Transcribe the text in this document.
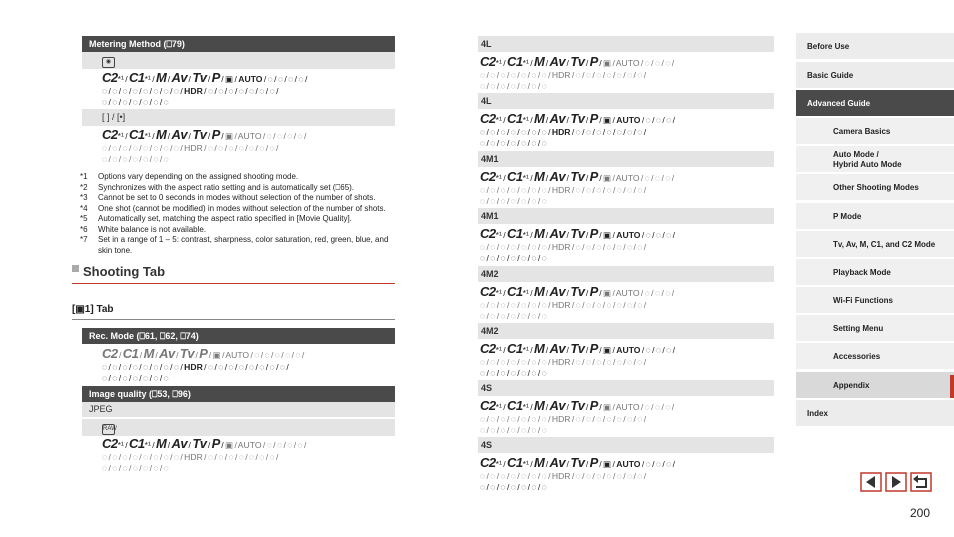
Metering Method (⎕79)
◉
C2*¹ / C1*¹ / M / Av / Tv / P / ▣ / AUTO / ◌ / ◌ / ◌ / ◌ /
◌ / ◌ / ◌ / ◌ / ◌ / ◌ / ◌ / ◌ / HDR / ◌ / ◌ / ◌ / ◌ / ◌ / ◌ / ◌ /
◌ / ◌ / ◌ / ◌ / ◌ / ◌ / ◌
[ ] / [•]
C2*¹ / C1*¹ / M / Av / Tv / P / ▣ / AUTO / ◌ / ◌ / ◌ / ◌ /
◌ / ◌ / ◌ / ◌ / ◌ / ◌ / ◌ / ◌ / HDR / ◌ / ◌ / ◌ / ◌ / ◌ / ◌ / ◌ /
◌ / ◌ / ◌ / ◌ / ◌ / ◌ / ◌
*1 Options vary depending on the assigned shooting mode.
*2 Synchronizes with the aspect ratio setting and is automatically set (⎕65).
*3 Cannot be set to 0 seconds in modes without selection of the number of shots.
*4 One shot (cannot be modified) in modes without selection of the number of shots.
*5 Automatically set, matching the aspect ratio specified in [Movie Quality].
*6 White balance is not available.
*7 Set in a range of 1 – 5: contrast, sharpness, color saturation, red, green, blue, and skin tone.
Shooting Tab
[▣1] Tab
Rec. Mode (⎕61, ⎕62, ⎕74)
C2 / C1 / M / Av / Tv / P / ▣ / AUTO / ◌ / ◌ / ◌ / ◌ / ◌ /
◌ / ◌ / ◌ / ◌ / ◌ / ◌ / ◌ / ◌ / HDR / ◌ / ◌ / ◌ / ◌ / ◌ / ◌ / ◌ / ◌ /
◌ / ◌ / ◌ / ◌ / ◌ / ◌ / ◌
Image quality (⎕53, ⎕96)
JPEG
RAW
C2*¹ / C1*¹ / M / Av / Tv / P / ▣ / AUTO / ◌ / ◌ / ◌ / ◌ /
◌ / ◌ / ◌ / ◌ / ◌ / ◌ / ◌ / ◌ / HDR / ◌ / ◌ / ◌ / ◌ / ◌ / ◌ / ◌ /
◌ / ◌ / ◌ / ◌ / ◌ / ◌ / ◌
4L
C2*¹ / C1*¹ / M / Av / Tv / P / ▣ / AUTO / ◌ / ◌ / ◌ /
◌ / ◌ / ◌ / ◌ / ◌ / ◌ / ◌ / HDR / ◌ / ◌ / ◌ / ◌ / ◌ / ◌ / ◌ /
◌ / ◌ / ◌ / ◌ / ◌ / ◌ / ◌
4L
C2*¹ / C1*¹ / M / Av / Tv / P / ▣ / AUTO / ◌ / ◌ / ◌ /
◌ / ◌ / ◌ / ◌ / ◌ / ◌ / ◌ / HDR / ◌ / ◌ / ◌ / ◌ / ◌ / ◌ / ◌ /
◌ / ◌ / ◌ / ◌ / ◌ / ◌ / ◌
4M1
C2*¹ / C1*¹ / M / Av / Tv / P / ▣ / AUTO / ◌ / ◌ / ◌ /
◌ / ◌ / ◌ / ◌ / ◌ / ◌ / ◌ / HDR / ◌ / ◌ / ◌ / ◌ / ◌ / ◌ / ◌ /
◌ / ◌ / ◌ / ◌ / ◌ / ◌ / ◌
4M1
C2*¹ / C1*¹ / M / Av / Tv / P / ▣ / AUTO / ◌ / ◌ / ◌ /
◌ / ◌ / ◌ / ◌ / ◌ / ◌ / ◌ / HDR / ◌ / ◌ / ◌ / ◌ / ◌ / ◌ / ◌ /
◌ / ◌ / ◌ / ◌ / ◌ / ◌ / ◌
4M2
C2*¹ / C1*¹ / M / Av / Tv / P / ▣ / AUTO / ◌ / ◌ / ◌ /
◌ / ◌ / ◌ / ◌ / ◌ / ◌ / ◌ / HDR / ◌ / ◌ / ◌ / ◌ / ◌ / ◌ / ◌ /
◌ / ◌ / ◌ / ◌ / ◌ / ◌ / ◌
4M2
C2*¹ / C1*¹ / M / Av / Tv / P / ▣ / AUTO / ◌ / ◌ / ◌ /
◌ / ◌ / ◌ / ◌ / ◌ / ◌ / ◌ / HDR / ◌ / ◌ / ◌ / ◌ / ◌ / ◌ / ◌ /
◌ / ◌ / ◌ / ◌ / ◌ / ◌ / ◌
4S
C2*¹ / C1*¹ / M / Av / Tv / P / ▣ / AUTO / ◌ / ◌ / ◌ /
◌ / ◌ / ◌ / ◌ / ◌ / ◌ / ◌ / HDR / ◌ / ◌ / ◌ / ◌ / ◌ / ◌ / ◌ /
◌ / ◌ / ◌ / ◌ / ◌ / ◌ / ◌
4S
C2*¹ / C1*¹ / M / Av / Tv / P / ▣ / AUTO / ◌ / ◌ / ◌ /
◌ / ◌ / ◌ / ◌ / ◌ / ◌ / ◌ / HDR / ◌ / ◌ / ◌ / ◌ / ◌ / ◌ / ◌ /
◌ / ◌ / ◌ / ◌ / ◌ / ◌ / ◌
Before Use
Basic Guide
Advanced Guide
Camera Basics
Auto Mode /
Hybrid Auto Mode
Other Shooting Modes
P Mode
Tv, Av, M, C1, and C2 Mode
Playback Mode
Wi-Fi Functions
Setting Menu
Accessories
Appendix
Index
200
